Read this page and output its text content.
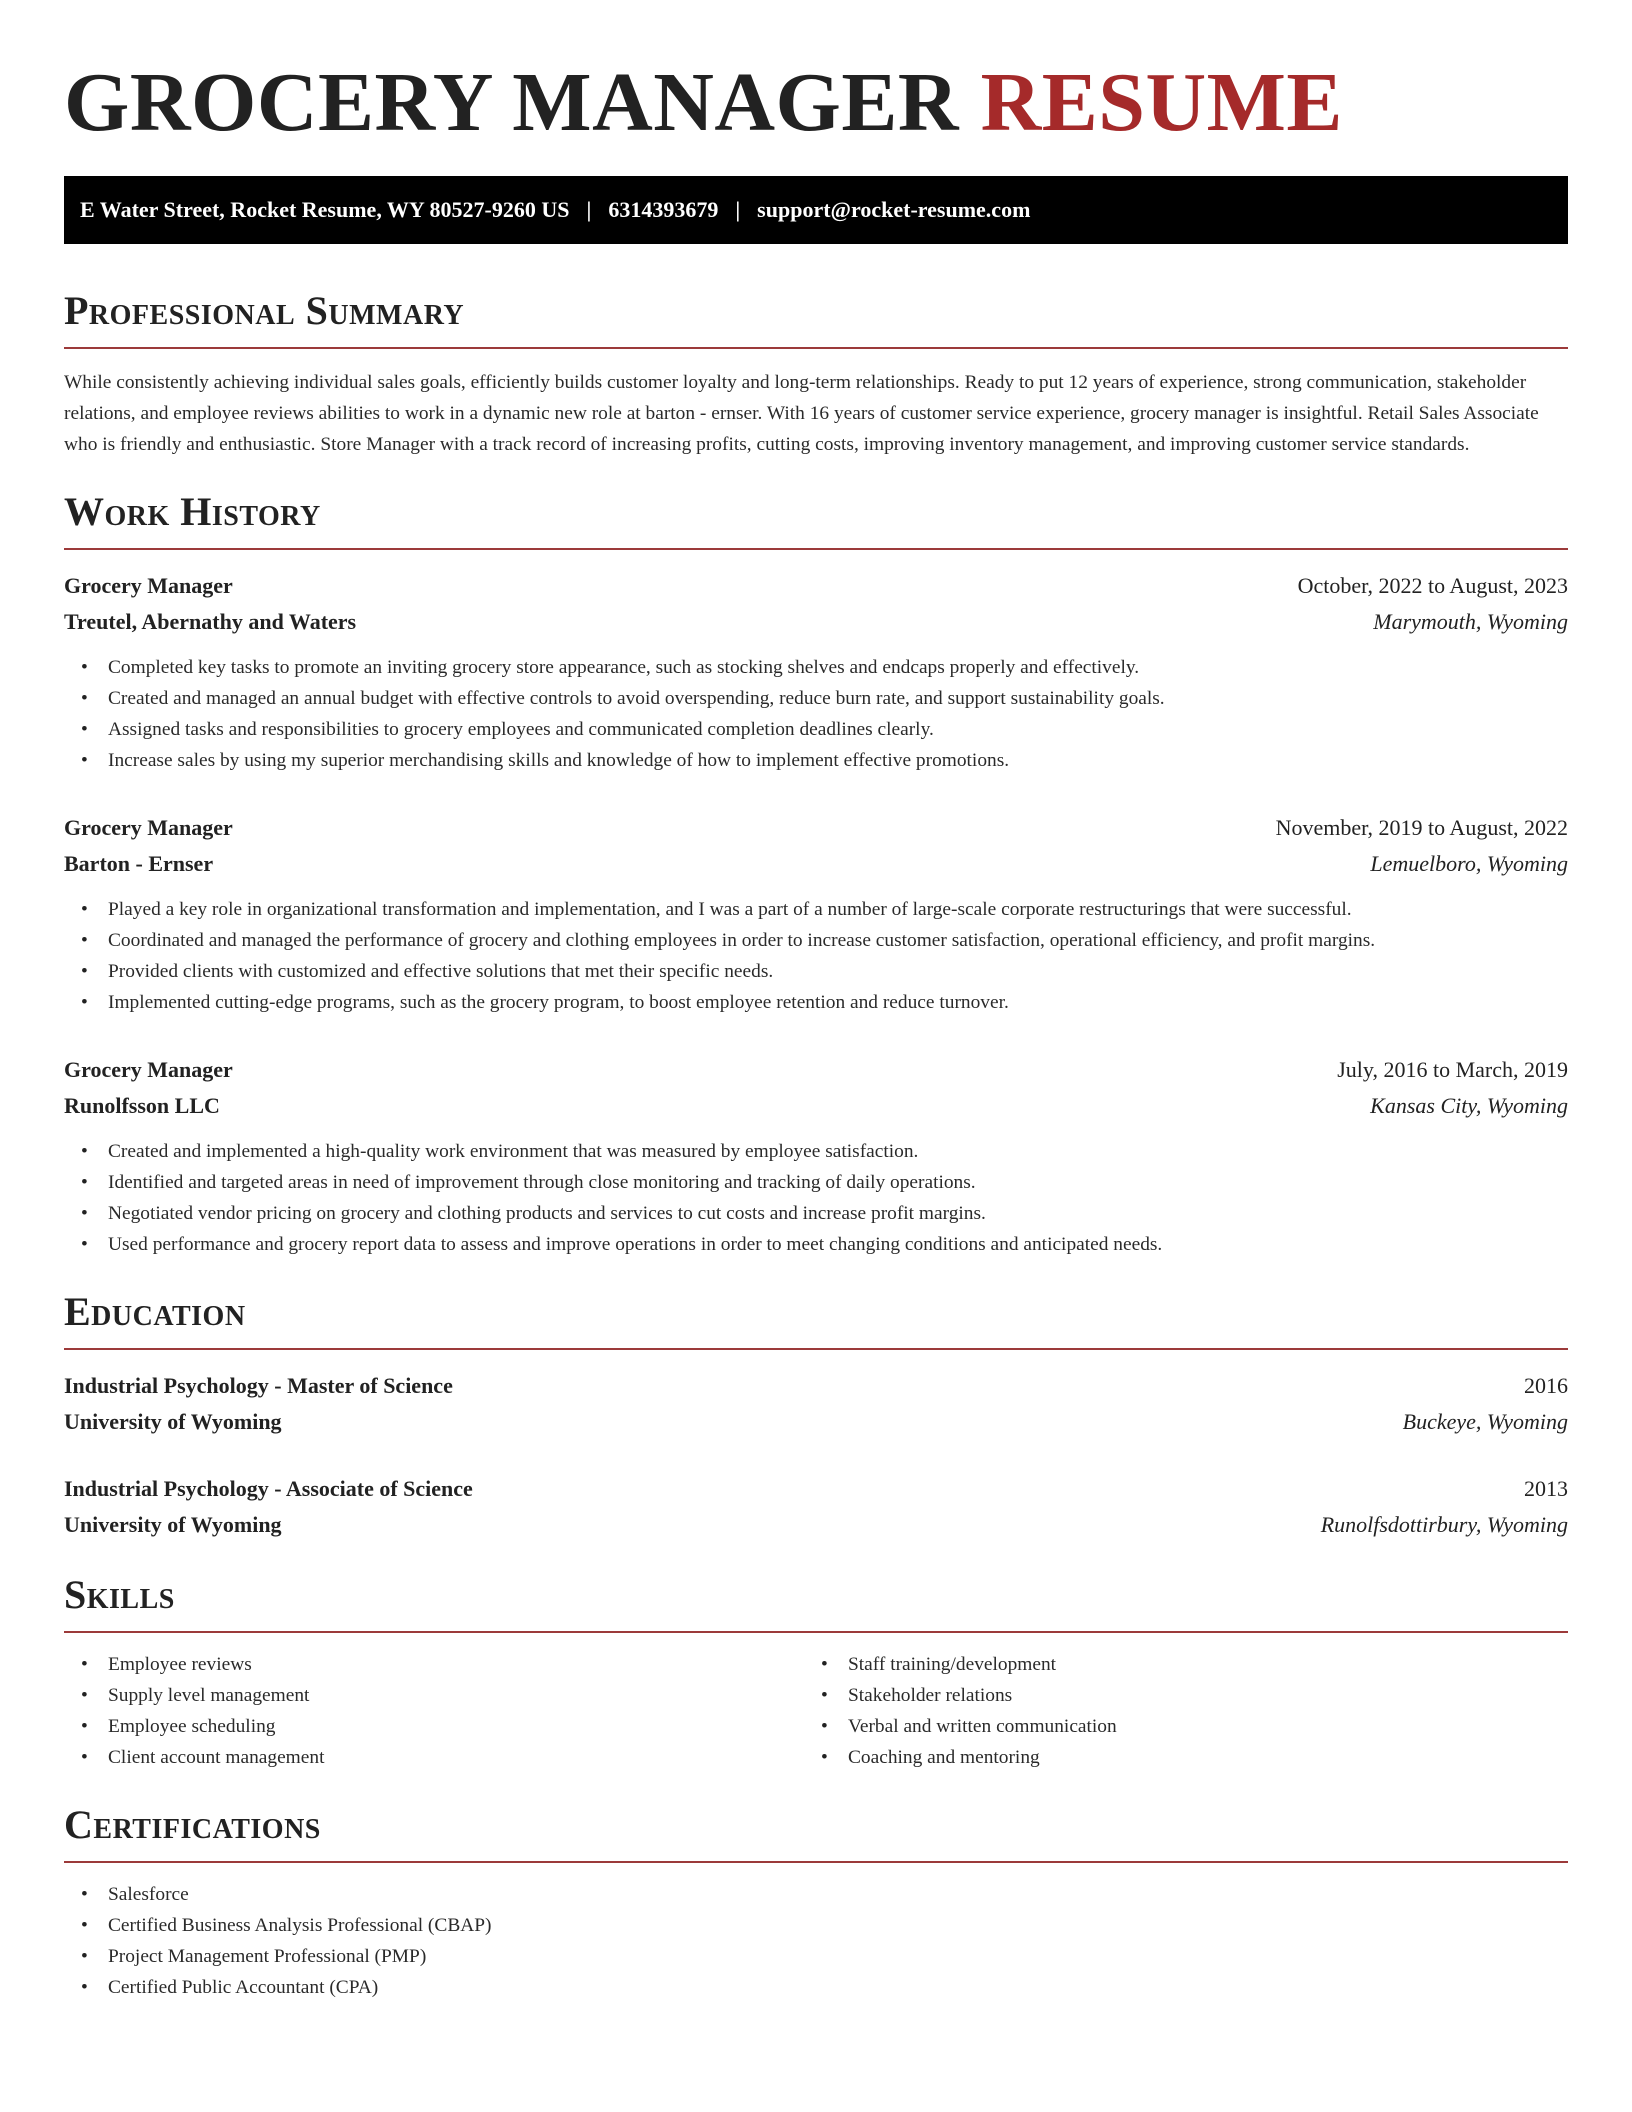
GROCERY MANAGER RESUME
E Water Street, Rocket Resume, WY 80527-9260 US | 6314393679 | support@rocket-resume.com
Professional Summary

While consistently achieving individual sales goals, efficiently builds customer loyalty and long-term relationships. Ready to put 12 years of experience, strong communication, stakeholder relations, and employee reviews abilities to work in a dynamic new role at barton - ernser. With 16 years of customer service experience, grocery manager is insightful. Retail Sales Associate who is friendly and enthusiastic. Store Manager with a track record of increasing profits, cutting costs, improving inventory management, and improving customer service standards.

Work History
Grocery Manager	October, 2022 to August, 2023
Treutel, Abernathy and Waters	Marymouth, Wyoming
• Completed key tasks to promote an inviting grocery store appearance, such as stocking shelves and endcaps properly and effectively.
• Created and managed an annual budget with effective controls to avoid overspending, reduce burn rate, and support sustainability goals.
• Assigned tasks and responsibilities to grocery employees and communicated completion deadlines clearly.
• Increase sales by using my superior merchandising skills and knowledge of how to implement effective promotions.
Grocery Manager	November, 2019 to August, 2022
Barton - Ernser	Lemuelboro, Wyoming
• Played a key role in organizational transformation and implementation, and I was a part of a number of large-scale corporate restructurings that were successful.
• Coordinated and managed the performance of grocery and clothing employees in order to increase customer satisfaction, operational efficiency, and profit margins.
• Provided clients with customized and effective solutions that met their specific needs.
• Implemented cutting-edge programs, such as the grocery program, to boost employee retention and reduce turnover.
Grocery Manager	July, 2016 to March, 2019
Runolfsson LLC	Kansas City, Wyoming
• Created and implemented a high-quality work environment that was measured by employee satisfaction.
• Identified and targeted areas in need of improvement through close monitoring and tracking of daily operations.
• Negotiated vendor pricing on grocery and clothing products and services to cut costs and increase profit margins.
• Used performance and grocery report data to assess and improve operations in order to meet changing conditions and anticipated needs.
Education
Industrial Psychology - Master of Science	2016
University of Wyoming	Buckeye, Wyoming
Industrial Psychology - Associate of Science	2013
University of Wyoming	Runolfsdottirbury, Wyoming
Skills
• Employee reviews
• Supply level management
• Employee scheduling
• Client account management
• Staff training/development
• Stakeholder relations
• Verbal and written communication
• Coaching and mentoring
Certifications
• Salesforce
• Certified Business Analysis Professional (CBAP)
• Project Management Professional (PMP)
• Certified Public Accountant (CPA)
